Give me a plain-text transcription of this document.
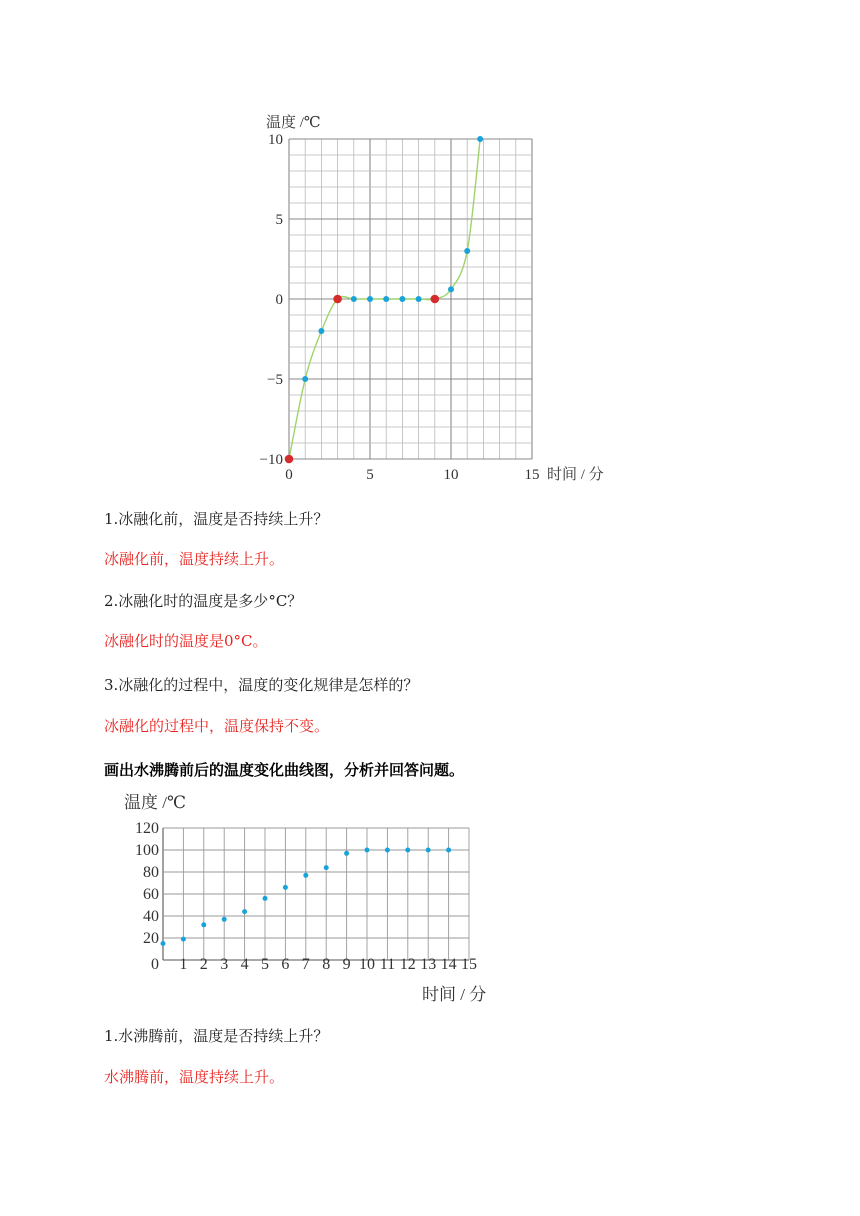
0	5	10	15
10
5
0
−5
−10
温度 /℃
时间 / 分
1.冰融化前，温度是否持续上升？
冰融化前，温度持续上升。
2.冰融化时的温度是多少°C？
冰融化时的温度是0°C。
3.冰融化的过程中，温度的变化规律是怎样的？
冰融化的过程中，温度保持不变。
画出水沸腾前后的温度变化曲线图，分析并回答问题。
1 2 3 4 5 6 7 8 9 10 11 12 13 14 15
120
100
80
60
40
20
0
温度 /℃
时间 / 分
1.水沸腾前，温度是否持续上升？
水沸腾前，温度持续上升。
